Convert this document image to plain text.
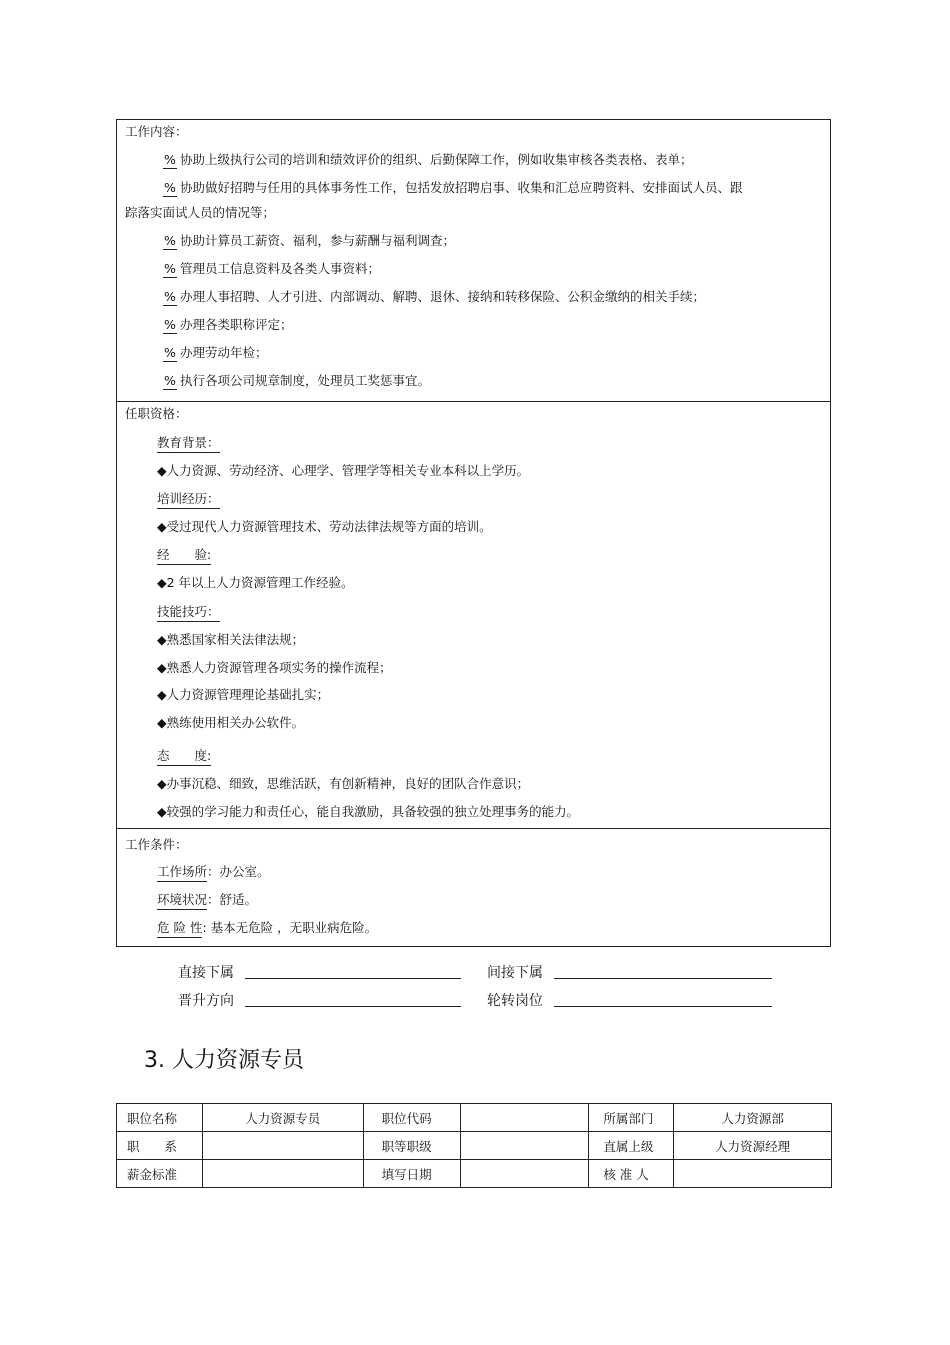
工作内容：
% 协助上级执行公司的培训和绩效评价的组织、后勤保障工作，例如收集审核各类表格、表单；
% 协助做好招聘与任用的具体事务性工作，包括发放招聘启事、收集和汇总应聘资料、安排面试人员、跟
踪落实面试人员的情况等；
% 协助计算员工薪资、福利，参与薪酬与福利调查；
% 管理员工信息资料及各类人事资料；
% 办理人事招聘、人才引进、内部调动、解聘、退休、接纳和转移保险、公积金缴纳的相关手续；
% 办理各类职称评定；
% 办理劳动年检；
% 执行各项公司规章制度，处理员工奖惩事宜。
任职资格：
教育背景：
◆人力资源、劳动经济、心理学、管理学等相关专业本科以上学历。
培训经历：
◆受过现代人力资源管理技术、劳动法律法规等方面的培训。
经　　验:
◆2 年以上人力资源管理工作经验。
技能技巧：
◆熟悉国家相关法律法规；
◆熟悉人力资源管理各项实务的操作流程；
◆人力资源管理理论基础扎实；
◆熟练使用相关办公软件。
态　　度:
◆办事沉稳、细致，思维活跃，有创新精神，良好的团队合作意识；
◆较强的学习能力和责任心，能自我激励，具备较强的独立处理事务的能力。
工作条件：
工作场所：办公室。
环境状况：舒适。
危 险 性: 基本无危险 ，无职业病危险。
直接下属	间接下属
晋升方向	轮转岗位
3. 人力资源专员
职位名称	人力资源专员	职位代码		所属部门	人力资源部
职　　系		职等职级		直属上级	人力资源经理
薪金标准		填写日期		核 准 人	
